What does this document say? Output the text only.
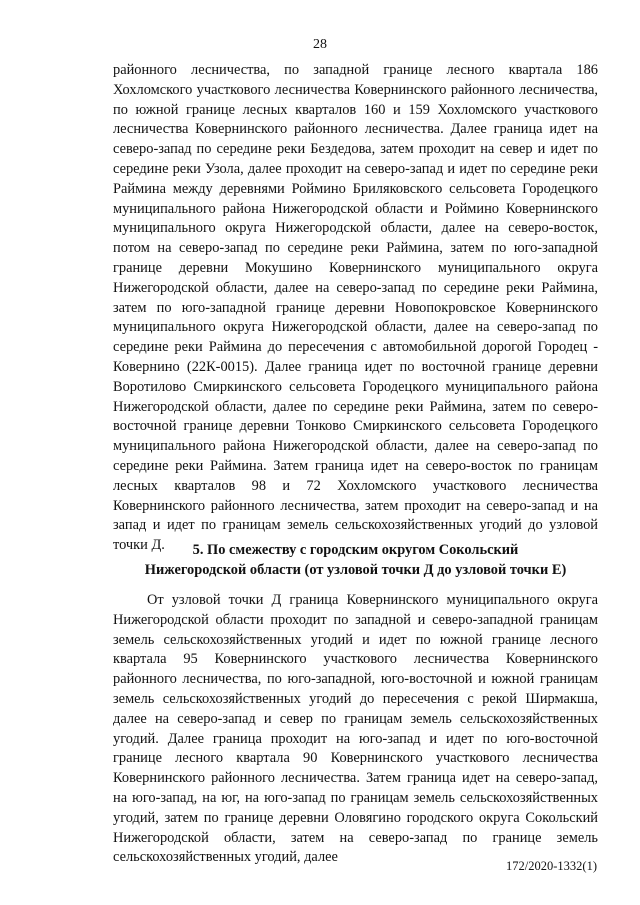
28

районного лесничества, по западной границе лесного квартала 186 Хохломского участкового лесничества Ковернинского районного лесничества, по южной границе лесных кварталов 160 и 159 Хохломского участкового лесничества Ковернинского районного лесничества. Далее граница идет на северо-запад по середине реки Бездедова, затем проходит на север и идет по середине реки Узола, далее проходит на северо-запад и идет по середине реки Раймина между деревнями Роймино Бриляковского сельсовета Городецкого муниципального района Нижегородской области и Роймино Ковернинского муниципального округа Нижегородской области, далее на северо-восток, потом на северо-запад по середине реки Раймина, затем по юго-западной границе деревни Мокушино Ковернинского муниципального округа Нижегородской области, далее на северо-запад по середине реки Раймина, затем по юго-западной границе деревни Новопокровское Ковернинского муниципального округа Нижегородской области, далее на северо-запад по середине реки Раймина до пересечения с автомобильной дорогой Городец - Ковернино (22К-0015). Далее граница идет по восточной границе деревни Воротилово Смиркинского сельсовета Городецкого муниципального района Нижегородской области, далее по середине реки Раймина, затем по северо-восточной границе деревни Тонково Смиркинского сельсовета Городецкого муниципального района Нижегородской области, далее на северо-запад по середине реки Раймина. Затем граница идет на северо-восток по границам лесных кварталов 98 и 72 Хохломского участкового лесничества Ковернинского районного лесничества, затем проходит на северо-запад и на запад и идет по границам земель сельскохозяйственных угодий до узловой точки Д.	5. По смежеству с городским округом Сокольский
Нижегородской области (от узловой точки Д до узловой точки Е)

От узловой точки Д граница Ковернинского муниципального округа Нижегородской области проходит по западной и северо-западной границам земель сельскохозяйственных угодий и идет по южной границе лесного квартала 95 Ковернинского участкового лесничества Ковернинского районного лесничества, по юго-западной, юго-восточной и южной границам земель сельскохозяйственных угодий до пересечения с рекой Ширмакша, далее на северо-запад и север по границам земель сельскохозяйственных угодий. Далее граница проходит на юго-запад и идет по юго-восточной границе лесного квартала 90 Ковернинского участкового лесничества Ковернинского районного лесничества. Затем граница идет на северо-запад, на юго-запад, на юг, на юго-запад по границам земель сельскохозяйственных угодий, затем по границе деревни Оловягино городского округа Сокольский Нижегородской области, затем на северо-запад по границе земель сельскохозяйственных угодий, далее

172/2020-1332(1)
